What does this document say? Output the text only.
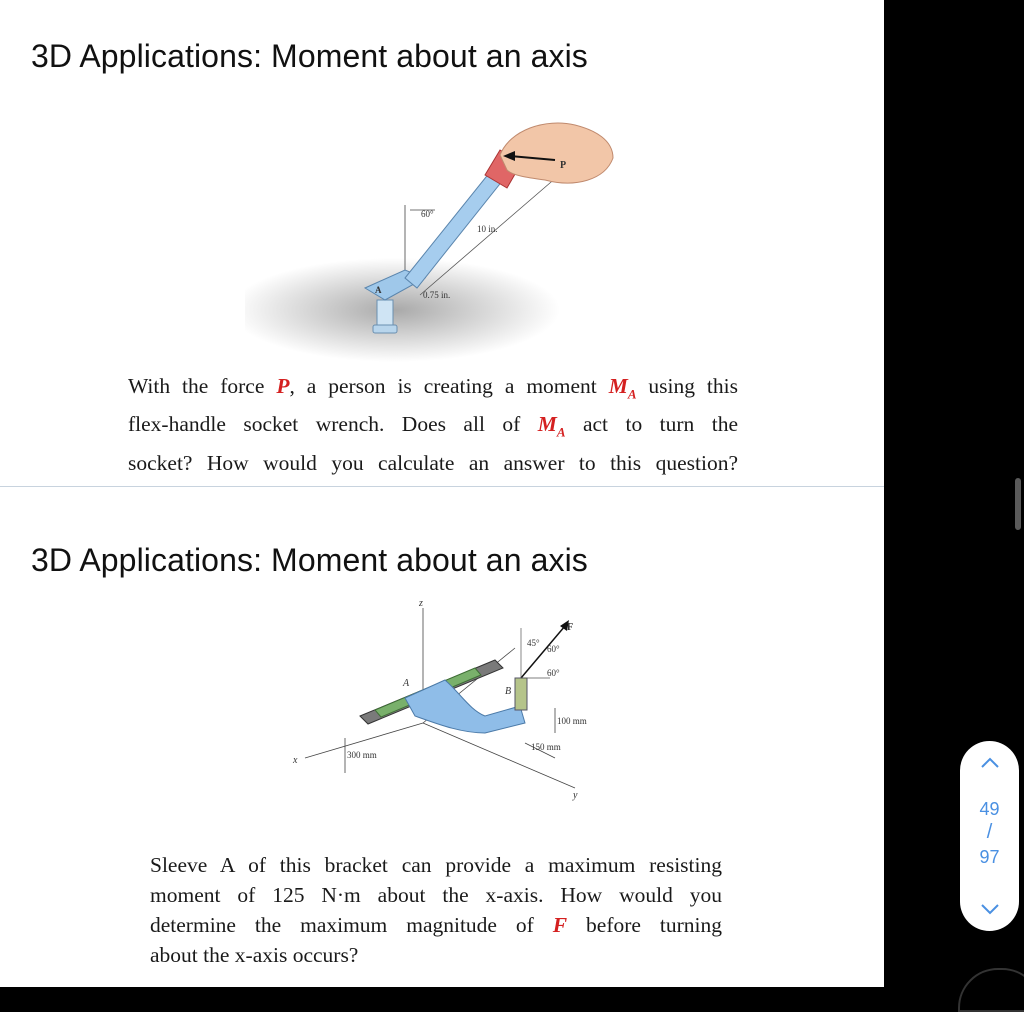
3D Applications: Moment about an axis
P
60°
10 in.
0.75 in.
A

With the force P, a person is creating a moment $M_A$ using this
flex-handle socket wrench. Does all of $M_A$ act to turn the
socket? How would you calculate an answer to this question?

3D Applications: Moment about an axis
z
x
y
A
B
F
45°
60°
60°
100 mm
150 mm
300 mm

Sleeve A of this bracket can provide a maximum resisting
moment of 125 N·m about the x-axis. How would you
determine the maximum magnitude of F before turning

about the x-axis occurs?

49
/
97
